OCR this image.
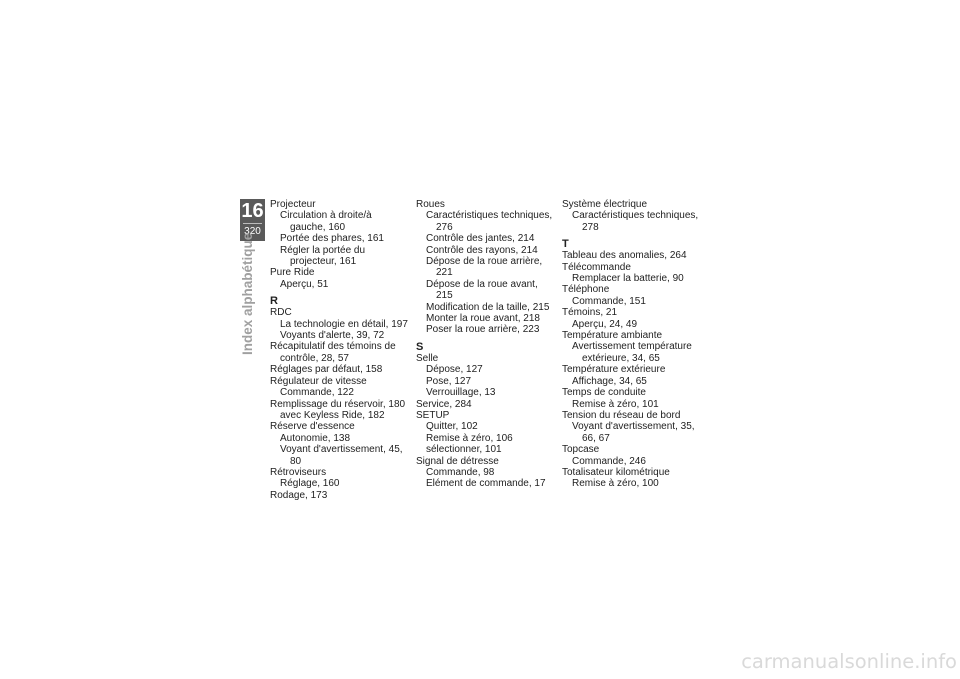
16
320
Index alphabétique
Projecteur
Circulation à droite/à gauche, 160
Portée des phares, 161
Régler la portée du projecteur, 161
Pure Ride
Aperçu, 51
R
RDC
La technologie en détail, 197
Voyants d'alerte, 39, 72
Récapitulatif des témoins de contrôle, 28, 57
Réglages par défaut, 158
Régulateur de vitesse
Commande, 122
Remplissage du réservoir, 180 avec Keyless Ride, 182
Réserve d'essence
Autonomie, 138
Voyant d'avertissement, 45, 80
Rétroviseurs
Réglage, 160
Rodage, 173
Roues
Caractéristiques techniques, 276
Contrôle des jantes, 214
Contrôle des rayons, 214
Dépose de la roue arrière, 221
Dépose de la roue avant, 215
Modification de la taille, 215
Monter la roue avant, 218
Poser la roue arrière, 223
S
Selle
Dépose, 127
Pose, 127
Verrouillage, 13
Service, 284
SETUP
Quitter, 102
Remise à zéro, 106
sélectionner, 101
Signal de détresse
Commande, 98
Elément de commande, 17
Système électrique
Caractéristiques techniques, 278
T
Tableau des anomalies, 264
Télécommande
Remplacer la batterie, 90
Téléphone
Commande, 151
Témoins, 21
Aperçu, 24, 49
Température ambiante
Avertissement température extérieure, 34, 65
Température extérieure
Affichage, 34, 65
Temps de conduite
Remise à zéro, 101
Tension du réseau de bord
Voyant d'avertissement, 35, 66, 67
Topcase
Commande, 246
Totalisateur kilométrique
Remise à zéro, 100
carmanualsonline.info
